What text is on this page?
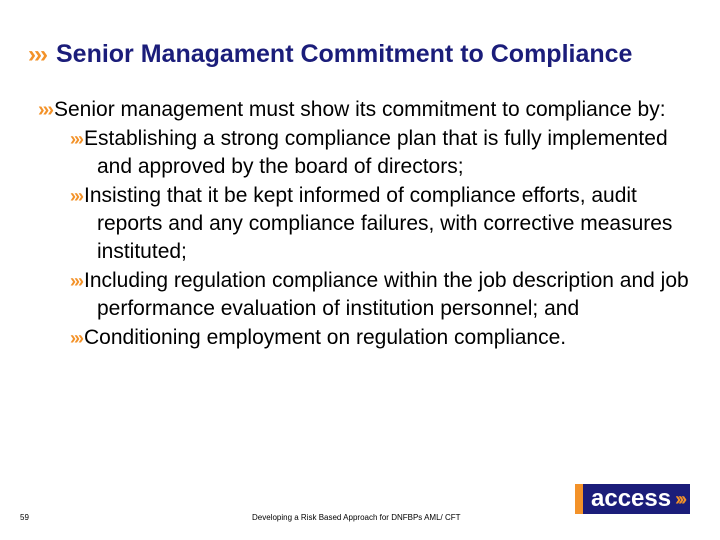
››› Senior Managament Commitment to Compliance
›››Senior management must show its commitment to compliance by:
›››Establishing a strong compliance plan that is fully implemented and approved by the board of directors;
›››Insisting that it be kept informed of compliance efforts, audit reports and any compliance failures, with corrective measures instituted;
›››Including regulation compliance within the job description and job performance evaluation of institution personnel; and
›››Conditioning employment on regulation compliance.
59	Developing a Risk Based Approach for DNFBPs AML/ CFT
access ›››
